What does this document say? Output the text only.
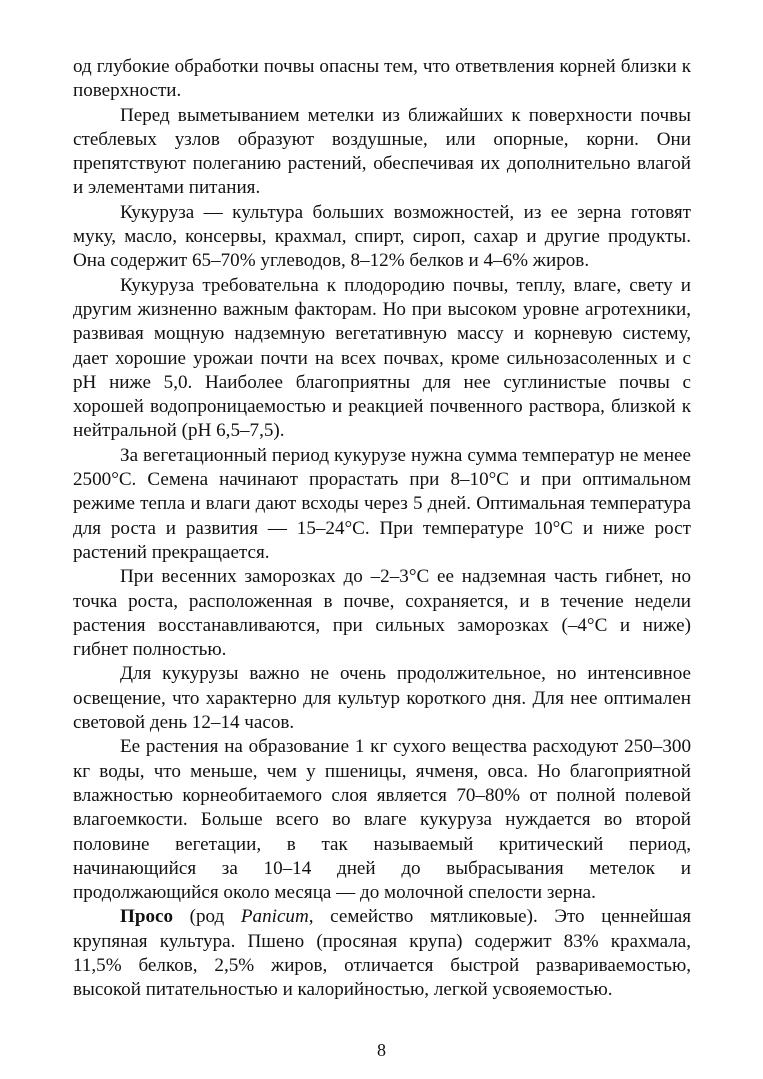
од глубокие обработки почвы опасны тем, что ответвления корней близки к поверхности.

Перед выметыванием метелки из ближайших к поверхности почвы стеблевых узлов образуют воздушные, или опорные, корни. Они препятствуют полеганию растений, обеспечивая их дополнительно влагой и элементами питания.

Кукуруза — культура больших возможностей, из ее зерна готовят муку, масло, консервы, крахмал, спирт, сироп, сахар и другие продукты. Она содержит 65–70% углеводов, 8–12% белков и 4–6% жиров.

Кукуруза требовательна к плодородию почвы, теплу, влаге, свету и другим жизненно важным факторам. Но при высоком уровне агротехники, развивая мощную надземную вегетативную массу и корневую систему, дает хорошие урожаи почти на всех почвах, кроме сильнозасоленных и с pH ниже 5,0. Наиболее благоприятны для нее суглинистые почвы с хорошей водопроницаемостью и реакцией почвенного раствора, близкой к нейтральной (pH 6,5–7,5).

За вегетационный период кукурузе нужна сумма температур не менее 2500°С. Семена начинают прорастать при 8–10°С и при оптимальном режиме тепла и влаги дают всходы через 5 дней. Оптимальная температура для роста и развития — 15–24°С. При температуре 10°С и ниже рост растений прекращается.

При весенних заморозках до –2–3°С ее надземная часть гибнет, но точка роста, расположенная в почве, сохраняется, и в течение недели растения восстанавливаются, при сильных заморозках (–4°С и ниже) гибнет полностью.

Для кукурузы важно не очень продолжительное, но интенсивное освещение, что характерно для культур короткого дня. Для нее оптимален световой день 12–14 часов.

Ее растения на образование 1 кг сухого вещества расходуют 250–300 кг воды, что меньше, чем у пшеницы, ячменя, овса. Но благоприятной влажностью корнеобитаемого слоя является 70–80% от полной полевой влагоемкости. Больше всего во влаге кукуруза нуждается во второй половине вегетации, в так называемый критический период, начинающийся за 10–14 дней до выбрасывания метелок и продолжающийся около месяца — до молочной спелости зерна.

Просо (род Panicum, семейство мятликовые). Это ценнейшая крупяная культура. Пшено (просяная крупа) содержит 83% крахмала, 11,5% белков, 2,5% жиров, отличается быстрой развариваемостью, высокой питательностью и калорийностью, легкой усвояемостью.

8
